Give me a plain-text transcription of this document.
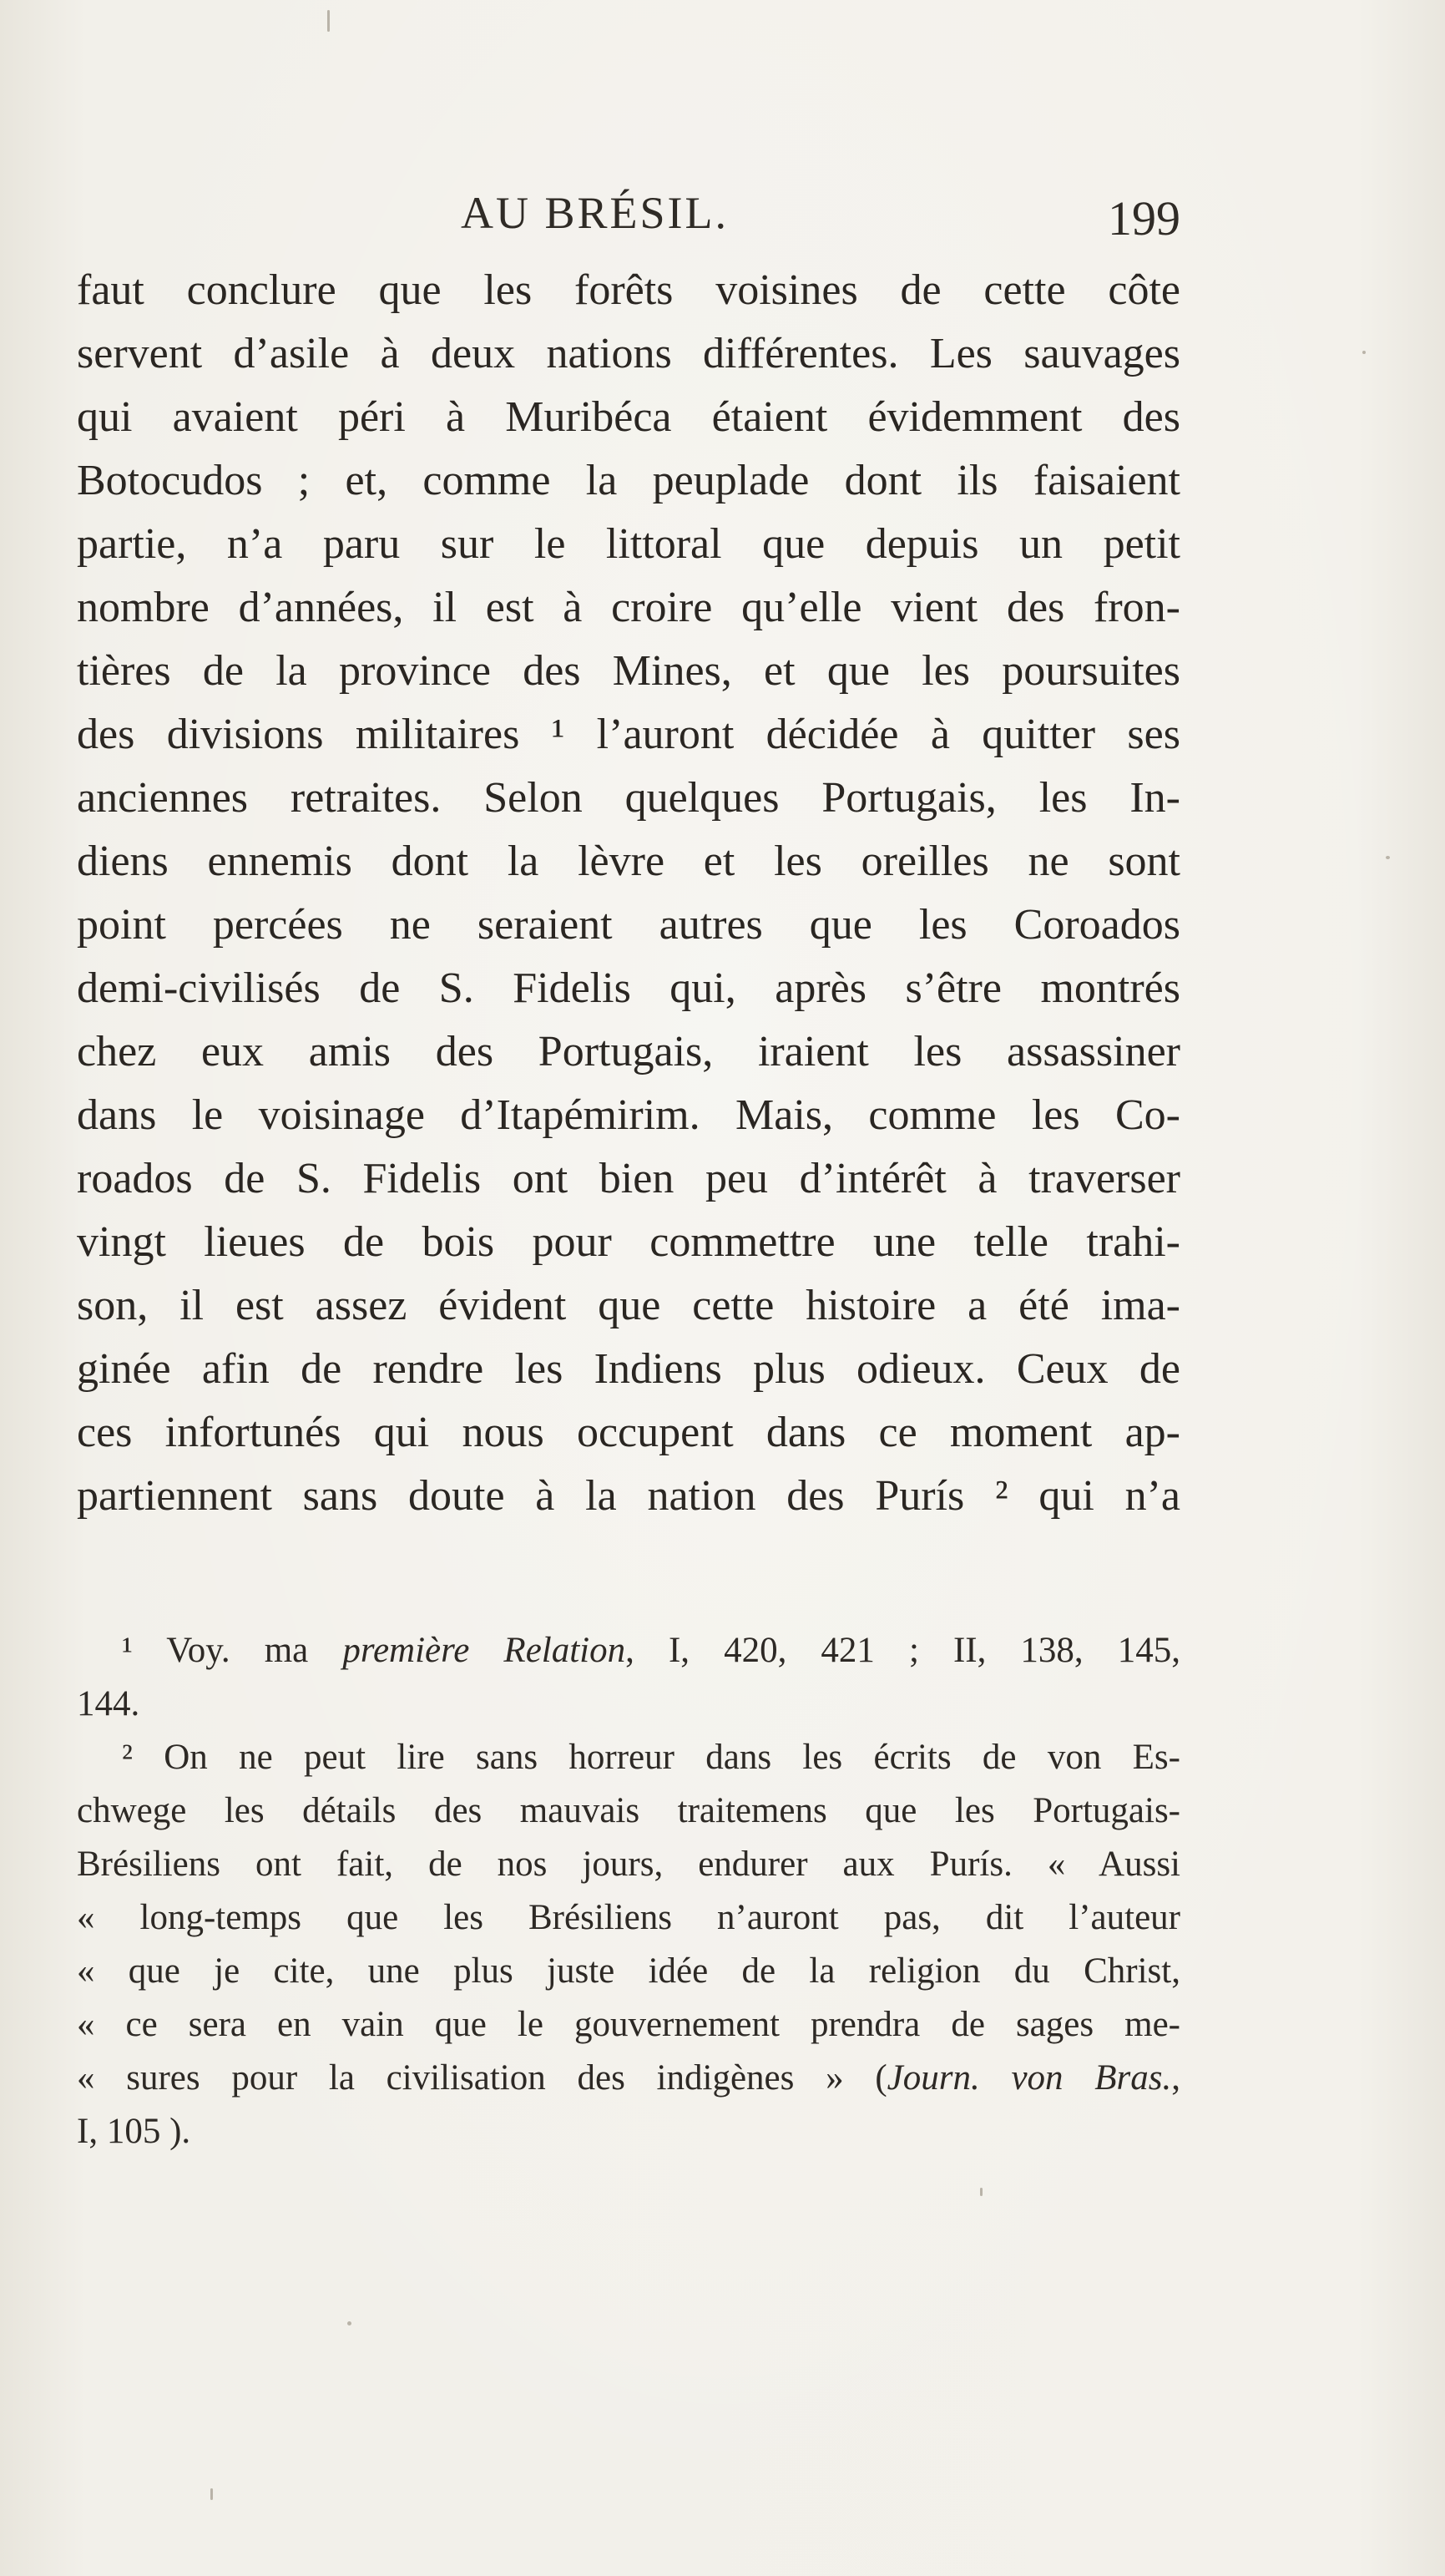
AU BRÉSIL.	199
faut conclure que les forêts voisines de cette côte
servent d’asile à deux nations différentes. Les sauvages
qui avaient péri à Muribéca étaient évidemment des
Botocudos ; et, comme la peuplade dont ils faisaient
partie, n’a paru sur le littoral que depuis un petit
nombre d’années, il est à croire qu’elle vient des fron-
tières de la province des Mines, et que les poursuites
des divisions militaires ¹ l’auront décidée à quitter ses
anciennes retraites. Selon quelques Portugais, les In-
diens ennemis dont la lèvre et les oreilles ne sont
point percées ne seraient autres que les Coroados
demi-civilisés de S. Fidelis qui, après s’être montrés
chez eux amis des Portugais, iraient les assassiner
dans le voisinage d’Itapémirim. Mais, comme les Co-
roados de S. Fidelis ont bien peu d’intérêt à traverser
vingt lieues de bois pour commettre une telle trahi-
son, il est assez évident que cette histoire a été ima-
ginée afin de rendre les Indiens plus odieux. Ceux de
ces infortunés qui nous occupent dans ce moment ap-
partiennent sans doute à la nation des Purís ² qui n’a
¹ Voy. ma première Relation, I, 420, 421 ; II, 138, 145,
144.
² On ne peut lire sans horreur dans les écrits de von Es-
chwege les détails des mauvais traitemens que les Portugais-
Brésiliens ont fait, de nos jours, endurer aux Purís. « Aussi
« long-temps que les Brésiliens n’auront pas, dit l’auteur
« que je cite, une plus juste idée de la religion du Christ,
« ce sera en vain que le gouvernement prendra de sages me-
« sures pour la civilisation des indigènes » (Journ. von Bras.,
I, 105 ).
